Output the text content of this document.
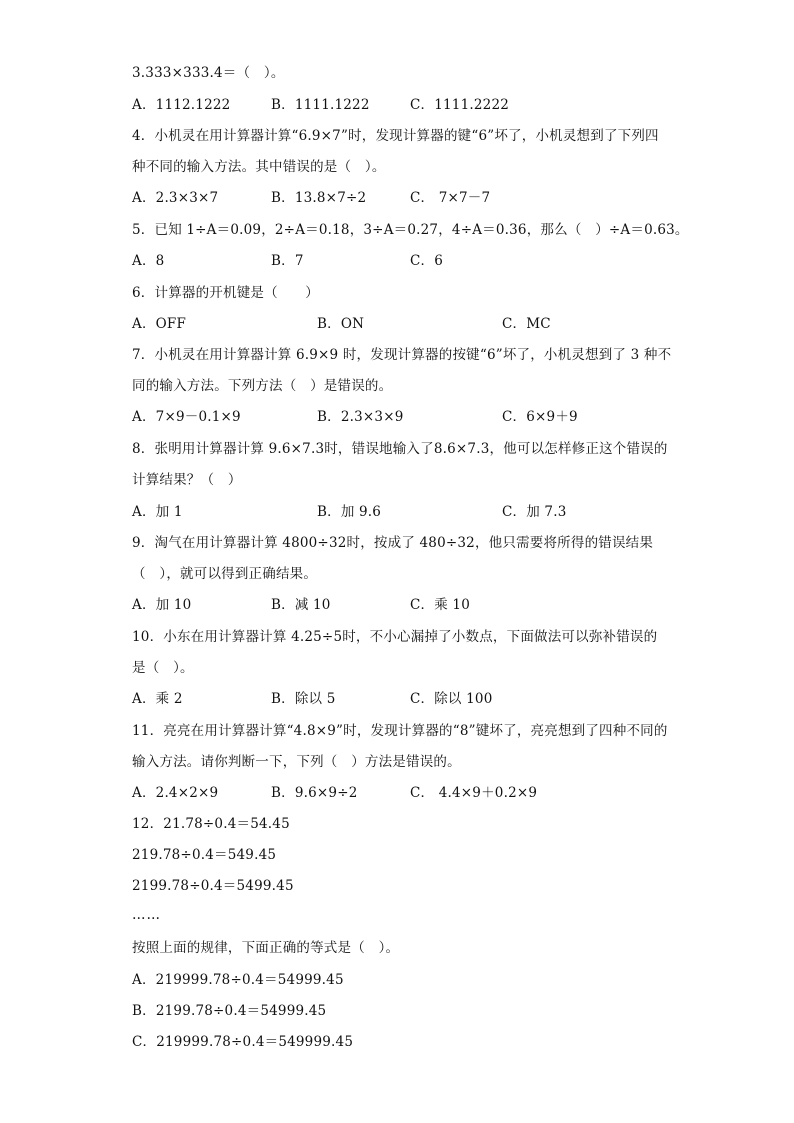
3.333×333.4＝（　）。
A．1112.1222	B．1111.1222	C．1111.2222
4．小机灵在用计算器计算“6.9×7”时，发现计算器的键“6”坏了，小机灵想到了下列四
种不同的输入方法。其中错误的是（　）。
A．2.3×3×7	B．13.8×7÷2	C． 7×7－7
5．已知 1÷A＝0.09，2÷A＝0.18，3÷A＝0.27，4÷A＝0.36，那么（　）÷A＝0.63。
A．8	B．7	C．6
6．计算器的开机键是（　　）
A．OFF	B．ON	C．MC
7．小机灵在用计算器计算 6.9×9 时，发现计算器的按键“6”坏了，小机灵想到了 3 种不
同的输入方法。下列方法（　）是错误的。
A．7×9－0.1×9	B．2.3×3×9	C．6×9＋9
8．张明用计算器计算 9.6×7.3时，错误地输入了8.6×7.3，他可以怎样修正这个错误的
计算结果？（　）
A．加 1	B．加 9.6	C．加 7.3
9．淘气在用计算器计算 4800÷32时，按成了 480÷32，他只需要将所得的错误结果
（　），就可以得到正确结果。
A．加 10	B．减 10	C．乘 10
10．小东在用计算器计算 4.25÷5时，不小心漏掉了小数点，下面做法可以弥补错误的
是（　）。
A．乘 2	B．除以 5	C．除以 100
11．亮亮在用计算器计算“4.8×9”时，发现计算器的“8”键坏了，亮亮想到了四种不同的
输入方法。请你判断一下，下列（　）方法是错误的。
A．2.4×2×9	B．9.6×9÷2	C． 4.4×9＋0.2×9
12．21.78÷0.4＝54.45
219.78÷0.4＝549.45
2199.78÷0.4＝5499.45
……
按照上面的规律，下面正确的等式是（　）。
A．219999.78÷0.4＝54999.45
B．2199.78÷0.4＝54999.45
C．219999.78÷0.4＝549999.45
